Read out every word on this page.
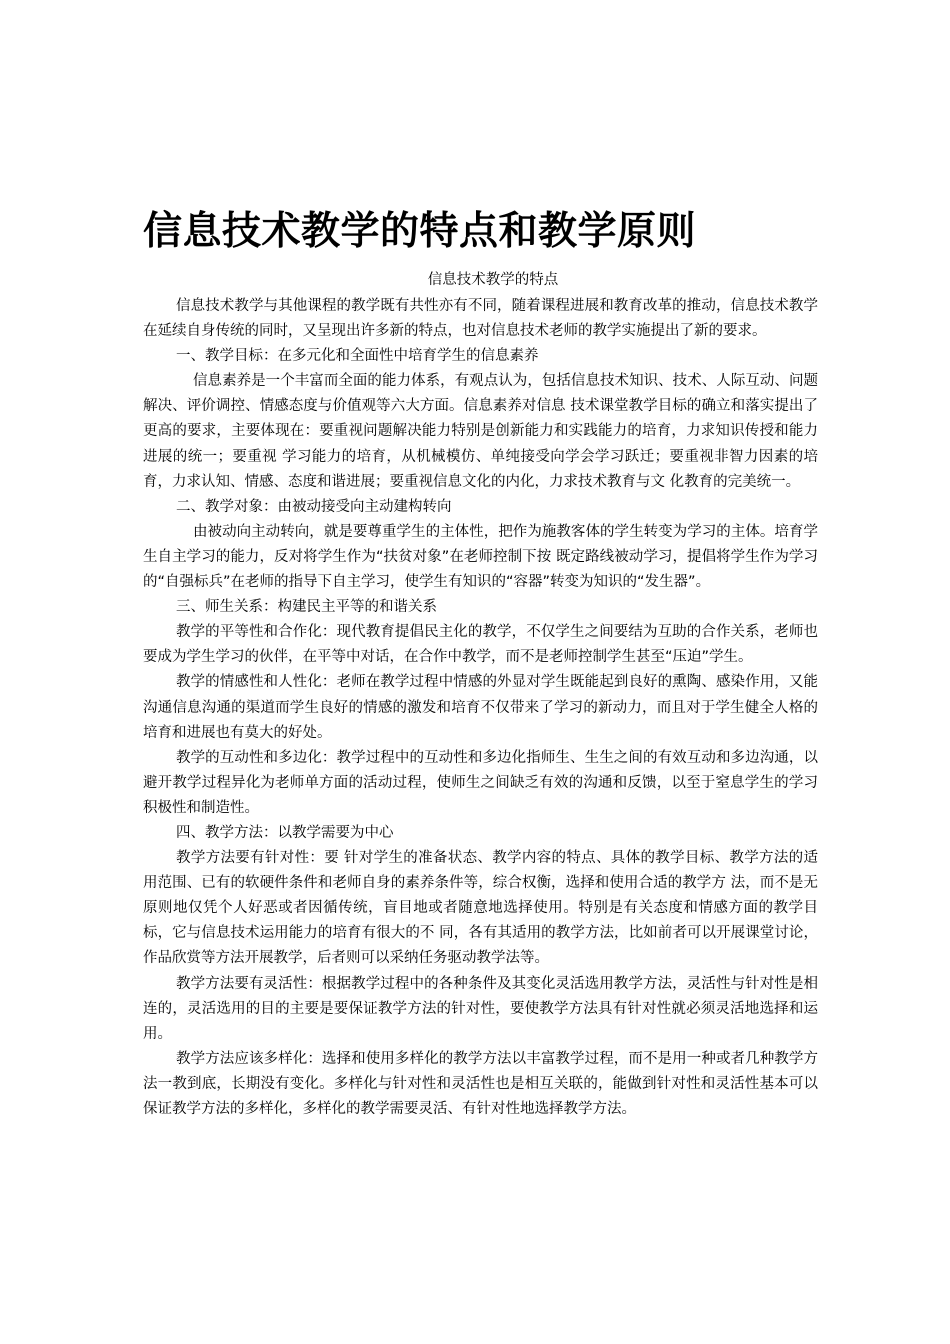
信息技术教学的特点和教学原则
信息技术教学的特点

信息技术教学与其他课程的教学既有共性亦有不同，随着课程进展和教育改革的推动，信息技术教学在延续自身传统的同时，又呈现出许多新的特点，也对信息技术老师的教学实施提出了新的要求。

一、教学目标：在多元化和全面性中培育学生的信息素养

信息素养是一个丰富而全面的能力体系，有观点认为，包括信息技术知识、技术、人际互动、问题解决、评价调控、情感态度与价值观等六大方面。信息素养对信息 技术课堂教学目标的确立和落实提出了更高的要求，主要体现在：要重视问题解决能力特别是创新能力和实践能力的培育，力求知识传授和能力进展的统一；要重视 学习能力的培育，从机械模仿、单纯接受向学会学习跃迁；要重视非智力因素的培育，力求认知、情感、态度和谐进展；要重视信息文化的内化，力求技术教育与文 化教育的完美统一。

二、教学对象：由被动接受向主动建构转向

由被动向主动转向，就是要尊重学生的主体性，把作为施教客体的学生转变为学习的主体。培育学生自主学习的能力，反对将学生作为“扶贫对象”在老师控制下按 既定路线被动学习，提倡将学生作为学习的“自强标兵”在老师的指导下自主学习，使学生有知识的“容器”转变为知识的“发生器”。

三、师生关系：构建民主平等的和谐关系

教学的平等性和合作化：现代教育提倡民主化的教学，不仅学生之间要结为互助的合作关系，老师也要成为学生学习的伙伴，在平等中对话，在合作中教学，而不是老师控制学生甚至“压迫”学生。

教学的情感性和人性化：老师在教学过程中情感的外显对学生既能起到良好的熏陶、感染作用，又能沟通信息沟通的渠道而学生良好的情感的激发和培育不仅带来了学习的新动力，而且对于学生健全人格的培育和进展也有莫大的好处。

教学的互动性和多边化：教学过程中的互动性和多边化指师生、生生之间的有效互动和多边沟通，以避开教学过程异化为老师单方面的活动过程，使师生之间缺乏有效的沟通和反馈，以至于窒息学生的学习积极性和制造性。

四、教学方法：以教学需要为中心

教学方法要有针对性：要 针对学生的准备状态、教学内容的特点、具体的教学目标、教学方法的适用范围、已有的软硬件条件和老师自身的素养条件等，综合权衡，选择和使用合适的教学方 法，而不是无原则地仅凭个人好恶或者因循传统，盲目地或者随意地选择使用。特别是有关态度和情感方面的教学目标，它与信息技术运用能力的培育有很大的不 同，各有其适用的教学方法，比如前者可以开展课堂讨论，作品欣赏等方法开展教学，后者则可以采纳任务驱动教学法等。

教学方法要有灵活性：根据教学过程中的各种条件及其变化灵活选用教学方法，灵活性与针对性是相连的，灵活选用的目的主要是要保证教学方法的针对性，要使教学方法具有针对性就必须灵活地选择和运用。

教学方法应该多样化：选择和使用多样化的教学方法以丰富教学过程，而不是用一种或者几种教学方法一教到底，长期没有变化。多样化与针对性和灵活性也是相互关联的，能做到针对性和灵活性基本可以保证教学方法的多样化，多样化的教学需要灵活、有针对性地选择教学方法。
